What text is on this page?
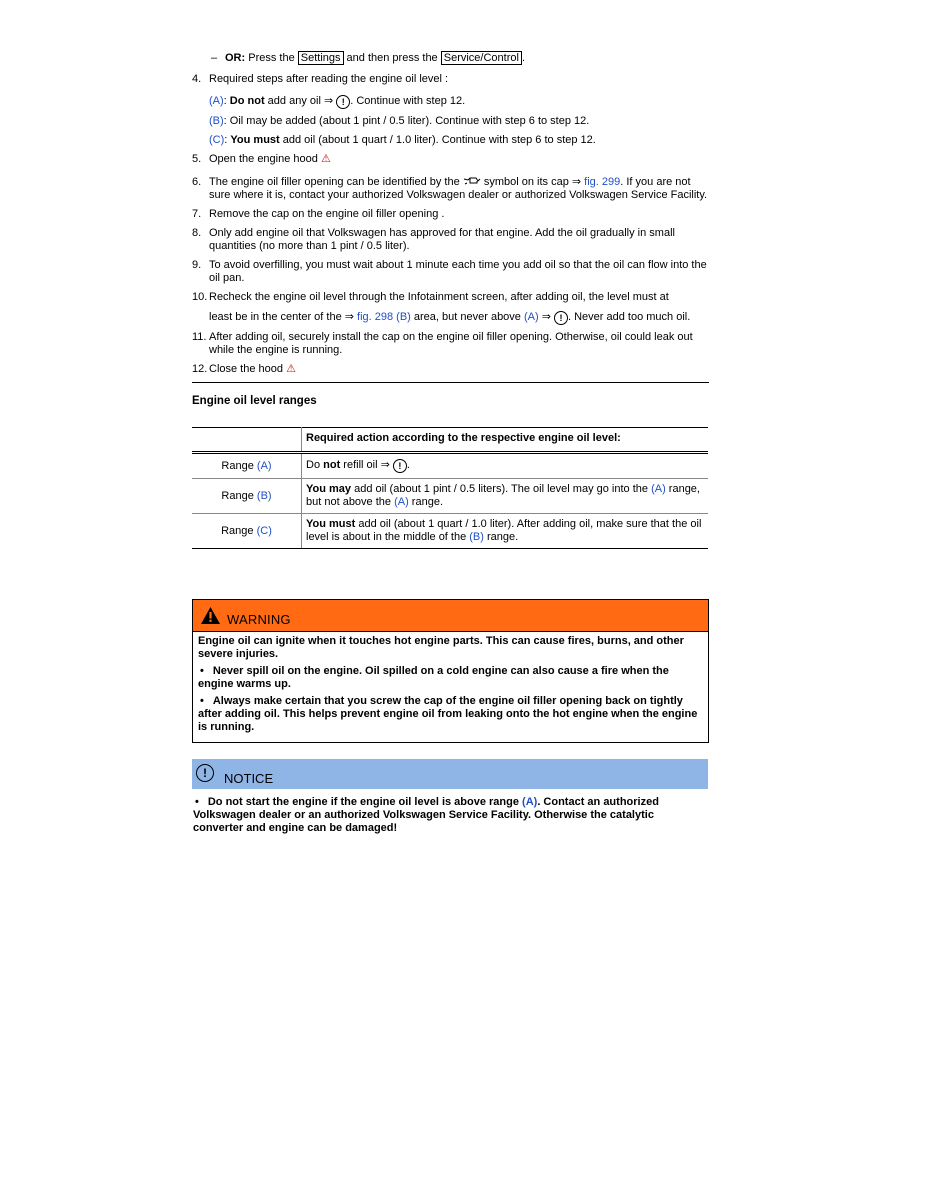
– OR: Press the Settings and then press the Service/Control .
4. Required steps after reading the engine oil level :
(A): Do not add any oil ⇒ ! . Continue with step 12.
(B): Oil may be added (about 1 pint / 0.5 liter). Continue with step 6 to step 12.
(C): You must add oil (about 1 quart / 1.0 liter). Continue with step 6 to step 12.
5. Open the engine hood ⚠
6. The engine oil filler opening can be identified by the  symbol on its cap ⇒ fig. 299. If you are not sure where it is, contact your authorized Volkswagen dealer or authorized Volkswagen Service Facility.
7. Remove the cap on the engine oil filler opening .
8. Only add engine oil that Volkswagen has approved for that engine. Add the oil gradually in small quantities (no more than 1 pint / 0.5 liter).
9. To avoid overfilling, you must wait about 1 minute each time you add oil so that the oil can flow into the oil pan.
10. Recheck the engine oil level through the Infotainment screen, after adding oil, the level must at
least be in the center of the ⇒ fig. 298 (B) area, but never above (A) ⇒ ! . Never add too much oil.
11. After adding oil, securely install the cap on the engine oil filler opening. Otherwise, oil could leak out while the engine is running.
12. Close the hood ⚠
Engine oil level ranges
	Required action according to the respective engine oil level:
Range (A)	Do not refill oil ⇒ ! .
Range (B)	You may add oil (about 1 pint / 0.5 liters). The oil level may go into the (A) range, but not above the (A) range.
Range (C)	You must add oil (about 1 quart / 1.0 liter). After adding oil, make sure that the oil level is about in the middle of the (B) range.
WARNING

Engine oil can ignite when it touches hot engine parts. This can cause fires, burns, and other severe injuries.

• Never spill oil on the engine. Oil spilled on a cold engine can also cause a fire when the engine warms up.

• Always make certain that you screw the cap of the engine oil filler opening back on tightly after adding oil. This helps prevent engine oil from leaking onto the hot engine when the engine is running.

!	NOTICE
• Do not start the engine if the engine oil level is above range (A). Contact an authorized Volkswagen dealer or an authorized Volkswagen Service Facility. Otherwise the catalytic converter and engine can be damaged!
